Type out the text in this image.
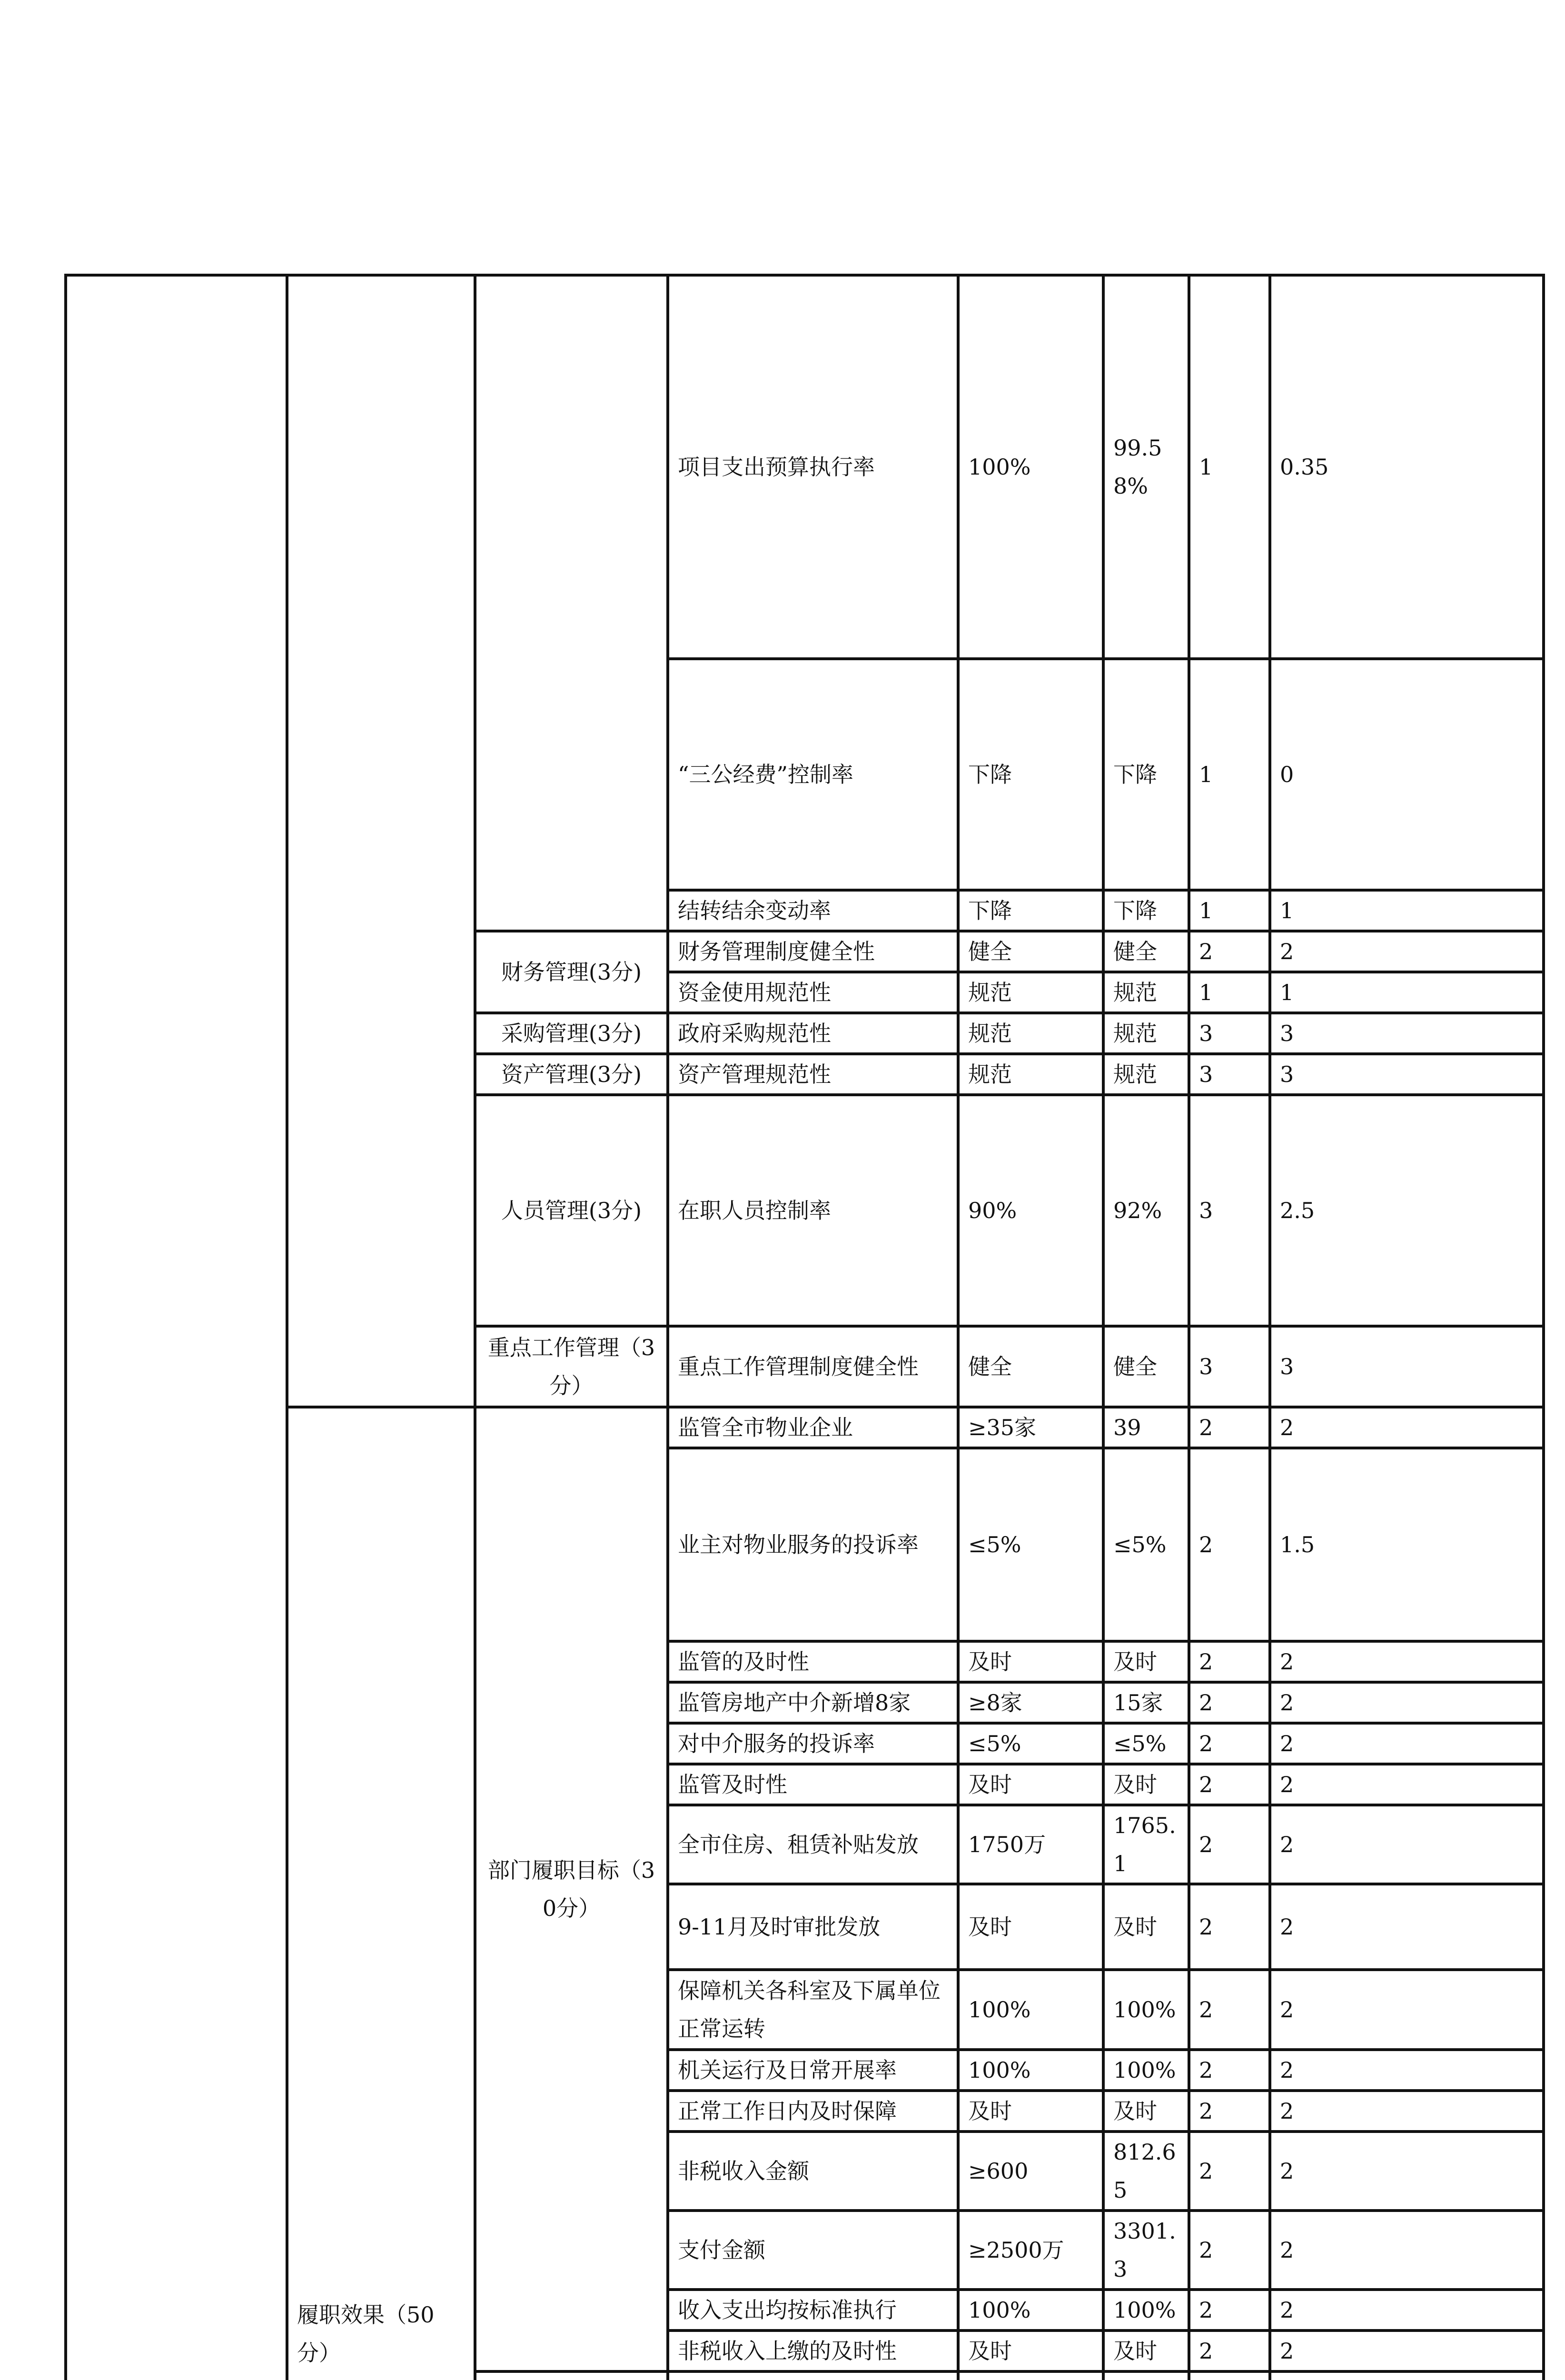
			项目支出预算执行率	100%	99.58%	1	0.35	
			“三公经费”控制率	下降	下降	1	0	
			结转结余变动率	下降	下降	1	1	
		财务管理(3分)	财务管理制度健全性	健全	健全	2	2	
			资金使用规范性	规范	规范	1	1	
		采购管理(3分)	政府采购规范性	规范	规范	3	3	
		资产管理(3分)	资产管理规范性	规范	规范	3	3	
		人员管理(3分)	在职人员控制率	90%	92%	3	2.5	
		重点工作管理（3分）	重点工作管理制度健全性	健全	健全	3	3	
	履职效果（50分）	部门履职目标（30分）	监管全市物业企业	≥35家	39	2	2	
			业主对物业服务的投诉率	≤5%	≤5%	2	1.5	
			监管的及时性	及时	及时	2	2	
			监管房地产中介新增8家	≥8家	15家	2	2	
			对中介服务的投诉率	≤5%	≤5%	2	2	
			监管及时性	及时	及时	2	2	
			全市住房、租赁补贴发放	1750万	1765.1	2	2	
			9-11月及时审批发放	及时	及时	2	2	
			保障机关各科室及下属单位正常运转	100%	100%	2	2	
			机关运行及日常开展率	100%	100%	2	2	
			正常工作日内及时保障	及时	及时	2	2	
			非税收入金额	≥600	812.65	2	2	
			支付金额	≥2500万	3301.3	2	2	
			收入支出均按标准执行	100%	100%	2	2	
			非税收入上缴的及时性	及时	及时	2	2	
